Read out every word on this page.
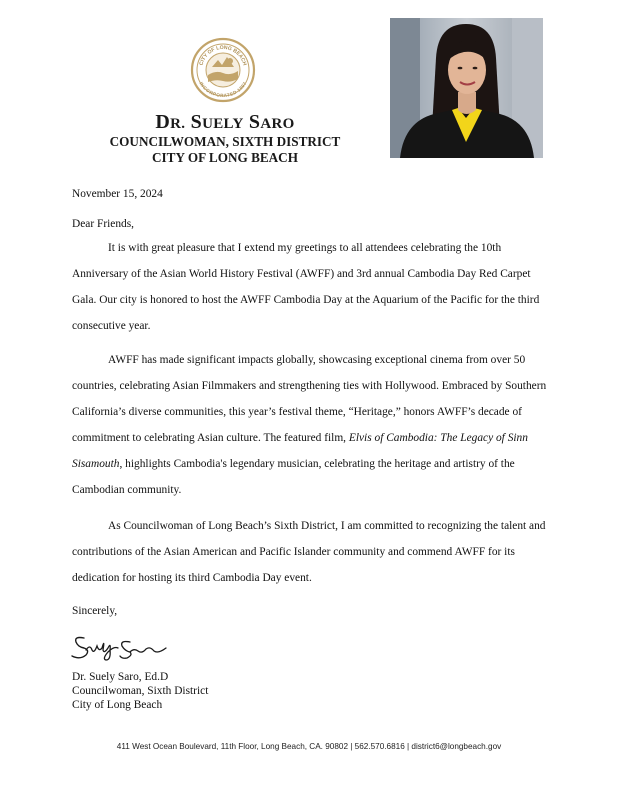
CITY OF LONG BEACH
INCORPORATED 1897
DR. SUELY SARO
COUNCILWOMAN, SIXTH DISTRICT
CITY OF LONG BEACH
November 15, 2024
Dear Friends,

It is with great pleasure that I extend my greetings to all attendees celebrating the 10th Anniversary of the Asian World History Festival (AWFF) and 3rd annual Cambodia Day Red Carpet Gala. Our city is honored to host the AWFF Cambodia Day at the Aquarium of the Pacific for the third consecutive year.

AWFF has made significant impacts globally, showcasing exceptional cinema from over 50 countries, celebrating Asian Filmmakers and strengthening ties with Hollywood. Embraced by Southern California’s diverse communities, this year’s festival theme, “Heritage,” honors AWFF’s decade of commitment to celebrating Asian culture. The featured film, Elvis of Cambodia: The Legacy of Sinn Sisamouth, highlights Cambodia's legendary musician, celebrating the heritage and artistry of the Cambodian community.

As Councilwoman of Long Beach’s Sixth District, I am committed to recognizing the talent and contributions of the Asian American and Pacific Islander community and commend AWFF for its dedication for hosting its third Cambodia Day event.

Sincerely,
Dr. Suely Saro, Ed.D
Councilwoman, Sixth District
City of Long Beach
411 West Ocean Boulevard, 11th Floor, Long Beach, CA. 90802 | 562.570.6816 | district6@longbeach.gov
